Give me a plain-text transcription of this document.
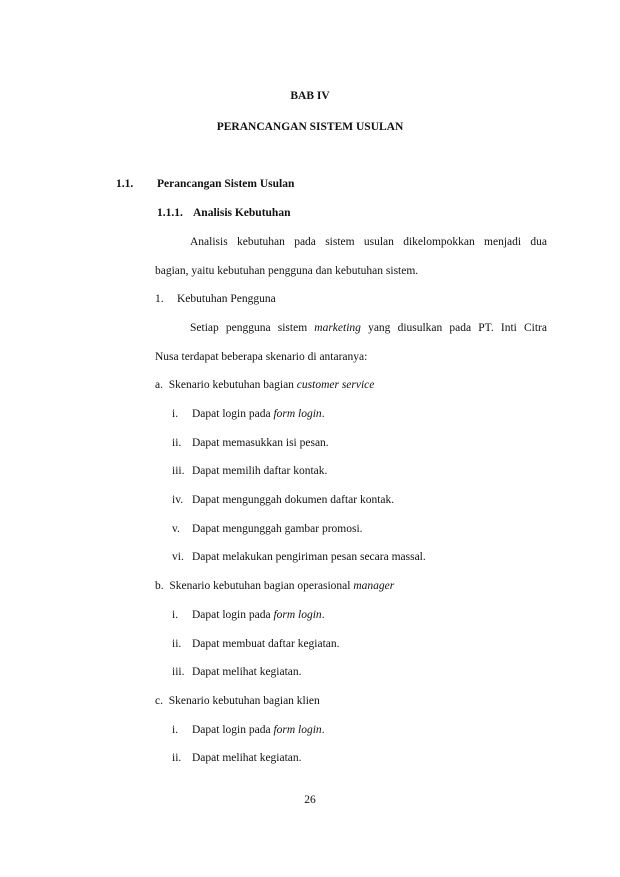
BAB IV
PERANCANGAN SISTEM USULAN
1.1. Perancangan Sistem Usulan
1.1.1. Analisis Kebutuhan
Analisis kebutuhan pada sistem usulan dikelompokkan menjadi dua
bagian, yaitu kebutuhan pengguna dan kebutuhan sistem.
1. Kebutuhan Pengguna
Setiap pengguna sistem marketing yang diusulkan pada PT. Inti Citra
Nusa terdapat beberapa skenario di antaranya:
a. Skenario kebutuhan bagian customer service
i.	Dapat login pada form login.
ii. Dapat memasukkan isi pesan.
iii. Dapat memilih daftar kontak.
iv. Dapat mengunggah dokumen daftar kontak.
v.	Dapat mengunggah gambar promosi.
vi. Dapat melakukan pengiriman pesan secara massal.
b. Skenario kebutuhan bagian operasional manager
i.	Dapat login pada form login.
ii. Dapat membuat daftar kegiatan.
iii. Dapat melihat kegiatan.
c. Skenario kebutuhan bagian klien
i.	Dapat login pada form login.
ii. Dapat melihat kegiatan.
26
